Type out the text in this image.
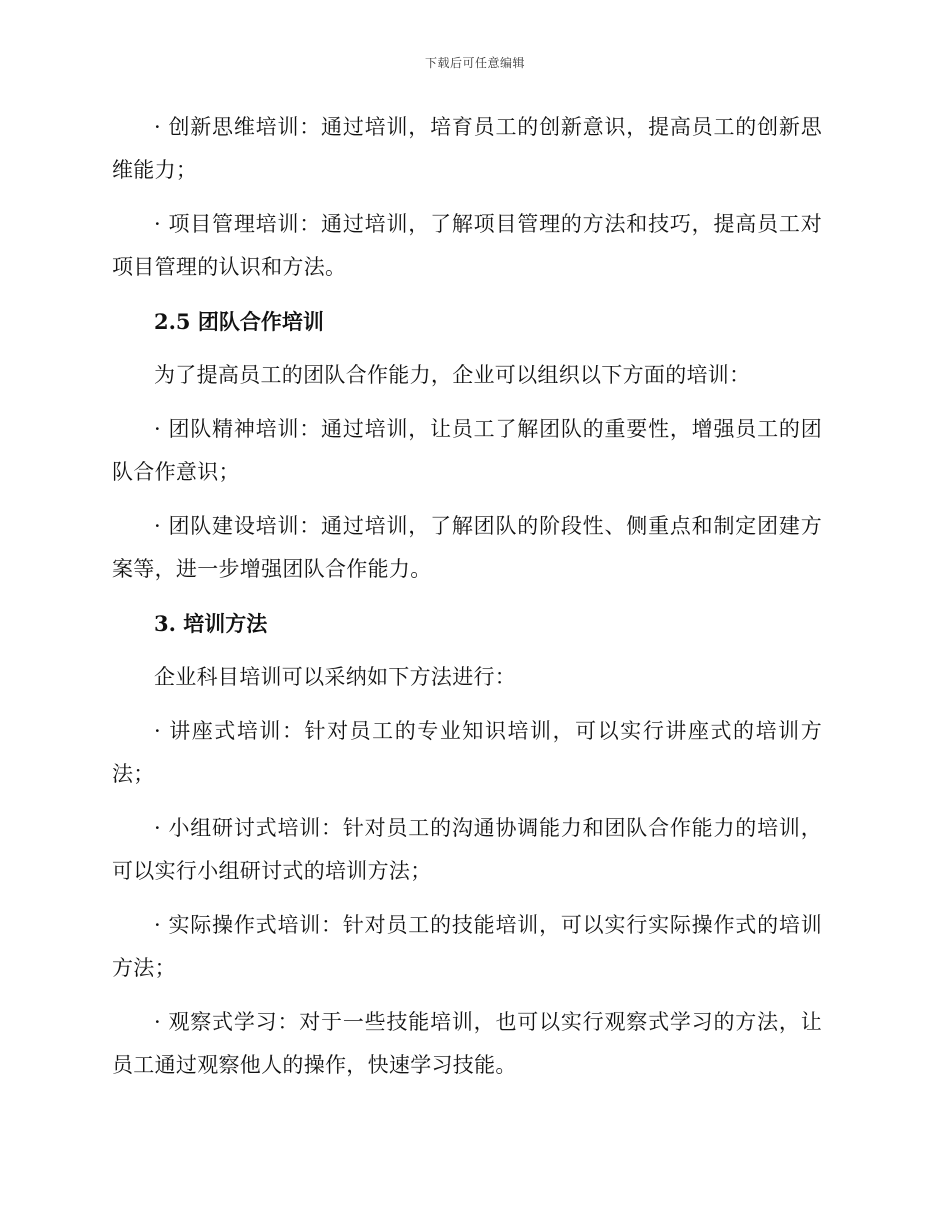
下载后可任意编辑

· 创新思维培训：通过培训，培育员工的创新意识，提高员工的创新思维能力；

· 项目管理培训：通过培训，了解项目管理的方法和技巧，提高员工对项目管理的认识和方法。

2.5 团队合作培训

为了提高员工的团队合作能力，企业可以组织以下方面的培训：

· 团队精神培训：通过培训，让员工了解团队的重要性，增强员工的团队合作意识；

· 团队建设培训：通过培训，了解团队的阶段性、侧重点和制定团建方案等，进一步增强团队合作能力。

3. 培训方法

企业科目培训可以采纳如下方法进行：

· 讲座式培训：针对员工的专业知识培训，可以实行讲座式的培训方法；

· 小组研讨式培训：针对员工的沟通协调能力和团队合作能力的培训，可以实行小组研讨式的培训方法；

· 实际操作式培训：针对员工的技能培训，可以实行实际操作式的培训方法；

· 观察式学习：对于一些技能培训，也可以实行观察式学习的方法，让员工通过观察他人的操作，快速学习技能。
